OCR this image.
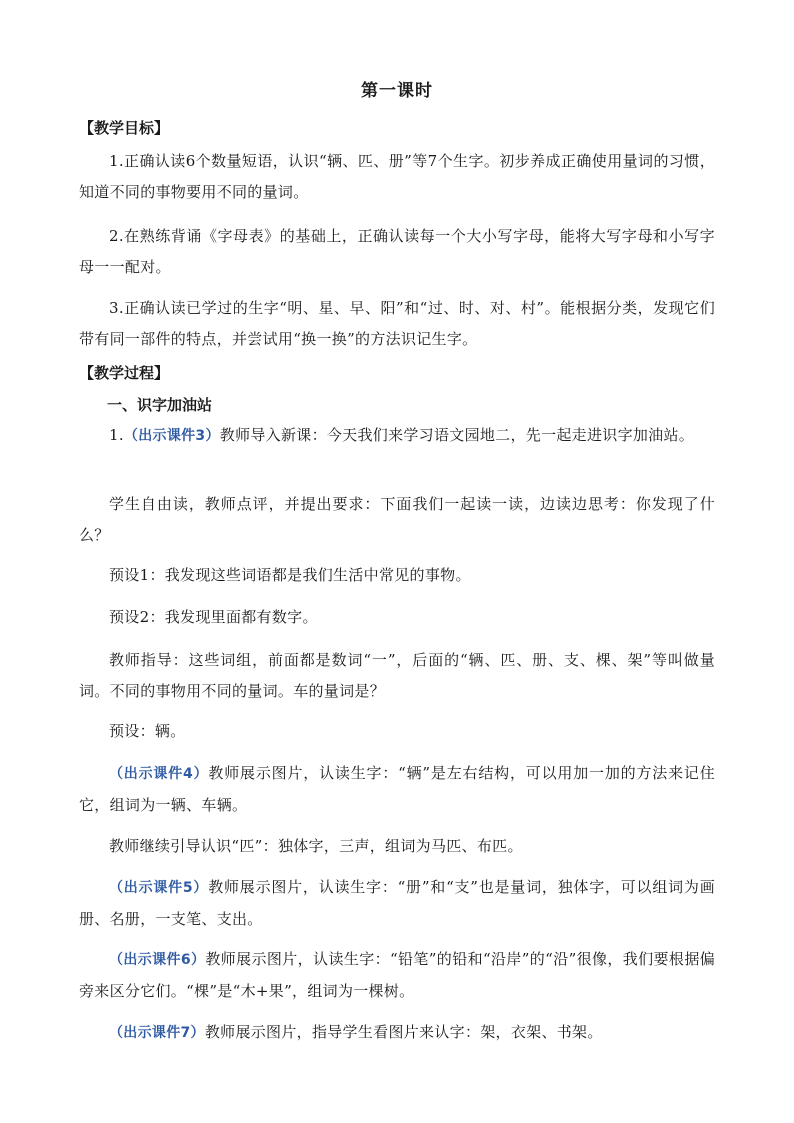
第一课时
【教学目标】
1.正确认读6个数量短语，认识“辆、匹、册”等7个生字。初步养成正确使用量词的习惯，知道不同的事物要用不同的量词。
2.在熟练背诵《字母表》的基础上，正确认读每一个大小写字母，能将大写字母和小写字母一一配对。
3.正确认读已学过的生字“明、星、早、阳”和“过、时、对、村”。能根据分类，发现它们带有同一部件的特点，并尝试用“换一换”的方法识记生字。
【教学过程】
一、识字加油站
1.（出示课件3）教师导入新课：今天我们来学习语文园地二，先一起走进识字加油站。
学生自由读，教师点评，并提出要求：下面我们一起读一读，边读边思考：你发现了什么？
预设1：我发现这些词语都是我们生活中常见的事物。
预设2：我发现里面都有数字。
教师指导：这些词组，前面都是数词“一”，后面的“辆、匹、册、支、棵、架”等叫做量词。不同的事物用不同的量词。车的量词是？
预设：辆。
（出示课件4）教师展示图片，认读生字：“辆”是左右结构，可以用加一加的方法来记住它，组词为一辆、车辆。
教师继续引导认识“匹”：独体字，三声，组词为马匹、布匹。
（出示课件5）教师展示图片，认读生字：“册”和“支”也是量词，独体字，可以组词为画册、名册，一支笔、支出。
（出示课件6）教师展示图片，认读生字：“铅笔”的铅和“沿岸”的“沿”很像，我们要根据偏旁来区分它们。“棵”是“木+果”，组词为一棵树。
（出示课件7）教师展示图片，指导学生看图片来认字：架，衣架、书架。
